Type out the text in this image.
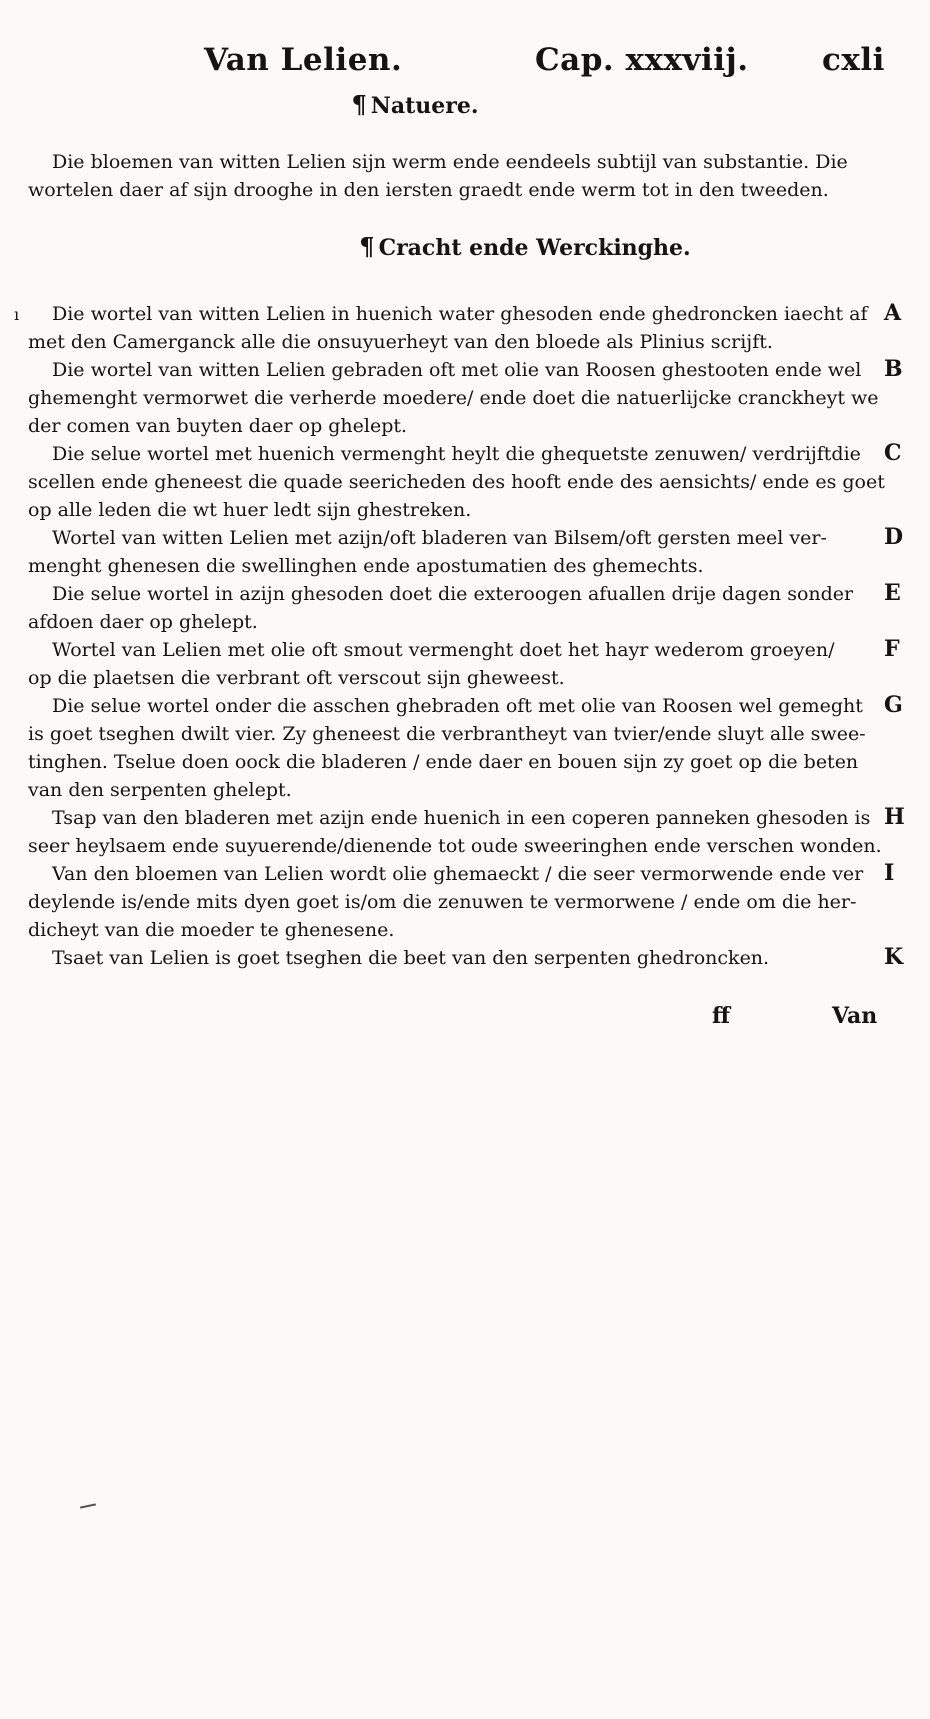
Van Lelien.	Cap. xxxviij. cxli
¶ Natuere.
Die bloemen van witten Lelien sijn werm ende eendeels subtijl van substantie. Die
wortelen daer af sijn drooghe in den iersten graedt ende werm tot in den tweeden.
¶ Cracht ende Werckinghe.
ı	Die wortel van witten Lelien in huenich water ghesoden ende ghedroncken iaecht af
met den Camerganck alle die onsuyuerheyt van den bloede als Plinius scrijft.
A
Die wortel van witten Lelien gebraden oft met olie van Roosen ghestooten ende wel
ghemenght vermorwet die verherde moedere/ ende doet die natuerlijcke cranckheyt we
der comen van buyten daer op ghelept.
B
Die selue wortel met huenich vermenght heylt die ghequetste zenuwen/ verdrijftdie
scellen ende gheneest die quade seericheden des hooft ende des aensichts/ ende es goet
op alle leden die wt huer ledt sijn ghestreken.
C
Wortel van witten Lelien met azijn/oft bladeren van Bilsem/oft gersten meel ver-
menght ghenesen die swellinghen ende apostumatien des ghemechts.
D
Die selue wortel in azijn ghesoden doet die exteroogen afuallen drije dagen sonder
afdoen daer op ghelept.
E
Wortel van Lelien met olie oft smout vermenght doet het hayr wederom groeyen/
op die plaetsen die verbrant oft verscout sijn gheweest.
F
Die selue wortel onder die asschen ghebraden oft met olie van Roosen wel gemeght
is goet tseghen dwilt vier. Zy gheneest die verbrantheyt van tvier/ende sluyt alle swee-
tinghen. Tselue doen oock die bladeren / ende daer en bouen sijn zy goet op die beten
van den serpenten ghelept.
G
Tsap van den bladeren met azijn ende huenich in een coperen panneken ghesoden is
seer heylsaem ende suyuerende/dienende tot oude sweeringhen ende verschen wonden.
H
Van den bloemen van Lelien wordt olie ghemaeckt / die seer vermorwende ende ver
deylende is/ende mits dyen goet is/om die zenuwen te vermorwene / ende om die her-
dicheyt van die moeder te ghenesene.
I
Tsaet van Lelien is goet tseghen die beet van den serpenten ghedroncken.	K
ff	Van
